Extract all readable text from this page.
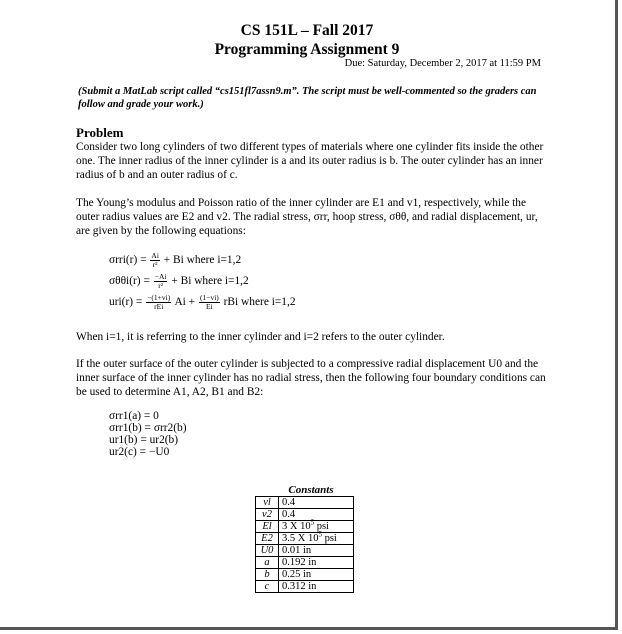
CS 151L – Fall 2017
Programming Assignment 9
Due: Saturday, December 2, 2017 at 11:59 PM
(Submit a MatLab script called “cs151fl7assn9.m”. The script must be well-commented so the graders can follow and grade your work.)
Problem
Consider two long cylinders of two different types of materials where one cylinder fits inside the other one. The inner radius of the inner cylinder is a and its outer radius is b. The outer cylinder has an inner radius of b and an outer radius of c.
The Young’s modulus and Poisson ratio of the inner cylinder are E1 and v1, respectively, while the outer radius values are E2 and v2. The radial stress, σrr, hoop stress, σθθ, and radial displacement, ur, are given by the following equations:
$\sigma rri(r) = \frac{Ai}{\text{r²}} + Bi$ where i=1,2
$\sigma\theta\theta i(r) = \frac{-Ai}{\text{r²}} + Bi$ where i=1,2
$uri(r) = \frac{-(1+vi)}{\text{rEi}}$ $Ai + \frac{(1-vi)}{Ei}$ rBi where i=1,2
When i=1, it is referring to the inner cylinder and i=2 refers to the outer cylinder.
If the outer surface of the outer cylinder is subjected to a compressive radial displacement U0 and the inner surface of the inner cylinder has no radial stress, then the following four boundary conditions can be used to determine A1, A2, B1 and B2:
σrr1(a) = 0
σrr1(b) = σrr2(b)
ur1(b) = ur2(b)
ur2(c) = −U0
Constants
vl	0.4
v2	0.4
El	3 X $10^5$ psi
E2	3.5 X $10^5$ psi
U0	0.01 in
a	0.192 in
b	0.25 in
c	0.312 in
